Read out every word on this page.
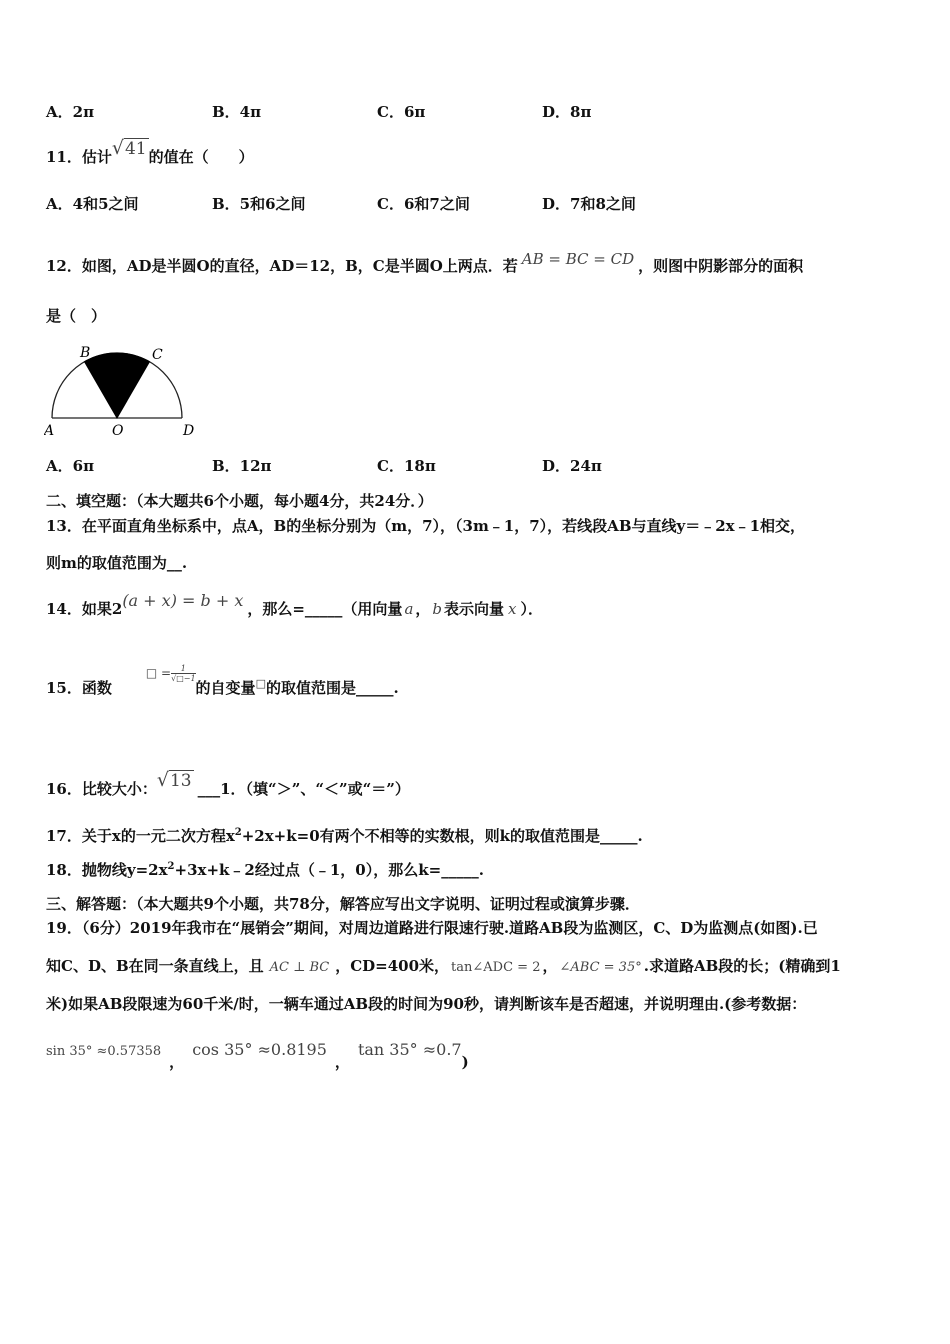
A．2π	B．4π	C．6π	D．8π
11．估计√41 的值在（　　）
A．4和5之间	B．5和6之间	C．6和7之间	D．7和8之间
12．如图，AD是半圆O的直径，AD＝12，B，C是半圆O上两点．若 AB = BC = CD ，则图中阴影部分的面积
是（　）
A
B	C
O	D
A．6π	B．12π	C．18π	D．24π
二、填空题：（本大题共6个小题，每小题4分，共24分．）
13．在平面直角坐标系中，点A，B的坐标分别为（m，7），（3m﹣1，7），若线段AB与直线y＝﹣2x﹣1相交，
则m的取值范围为__.
14．如果2(a + x) = b + x ，那么=_____（用向量 a ， b 表示向量 x ）．
15．函数□ = $\frac{1}{√□-1}$
的自变量□的取值范围是_____.
16．比较大小：√13 ___1．（填“＞”、“＜”或“＝”）
17．关于x的一元二次方程$x^2+2x+k=0$有两个不相等的实数根，则k的取值范围是_____.
18．抛物线$y=2x^2+3x+k﹣2$经过点（﹣1，0），那么k=_____.
三、解答题：（本大题共9个小题，共78分，解答应写出文字说明、证明过程或演算步骤．
19．（6分）2019年我市在“展销会”期间，对周边道路进行限速行驶.道路AB段为监测区，C、D为监测点(如图).已
知C、D、B在同一条直线上，且 AC ⊥ BC ，CD=400米， tan∠ADC = 2 ， ∠ABC = 35° .求道路AB段的长；(精确到1
米)如果AB段限速为60千米/时，一辆车通过AB段的时间为90秒，请判断该车是否超速，并说明理由.(参考数据：
sin 35° ≈0.57358，cos 35° ≈0.8195，tan 35° ≈0.7)
